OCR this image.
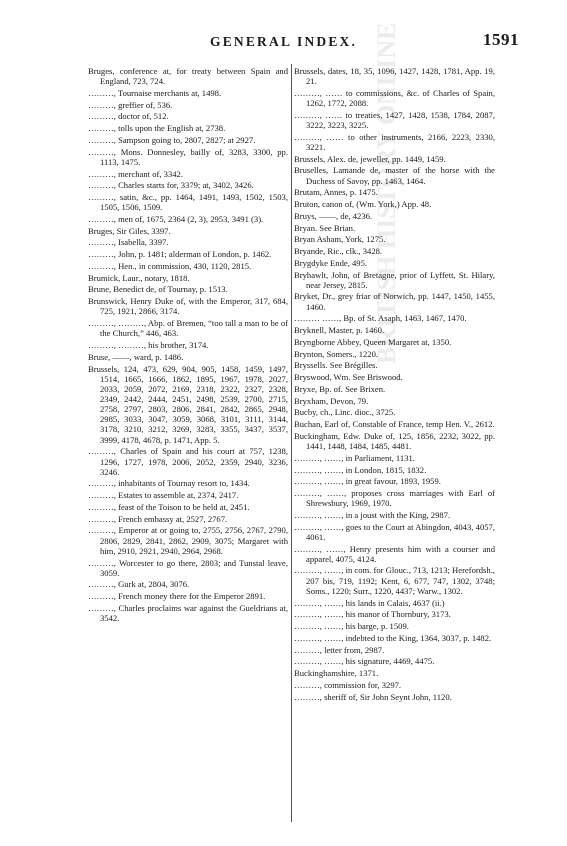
GENERAL INDEX.	1591
BRITISH HISTORY ONLINE
Bruges, conference at, for treaty between Spain and England, 723, 724.
………, Tournaise merchants at, 1498.
………, greffier of, 536.
………, doctor of, 512.
………, tolls upon the English at, 2738.
………, Sampson going to, 2807, 2827; at 2927.
………, Mons. Donnesley, bailly of, 3283, 3300, pp. 1113, 1475.
………, merchant of, 3342.
………, Charles starts for, 3379; at, 3402, 3426.
………, satin, &c., pp. 1464, 1491, 1493, 1502, 1503, 1505, 1506, 1509.
………, men of, 1675, 2364 (2, 3), 2953, 3491 (3).
Bruges, Sir Giles, 3397.
………, Isabella, 3397.
………, John, p. 1481; alderman of London, p. 1462.
………, Hen., in commission, 430, 1120, 2815.
Brumick, Laur., notary, 1818.
Brune, Benedict de, of Tournay, p. 1513.
Brunswick, Henry Duke of, with the Emperor, 317, 684, 725, 1921, 2866, 3174.
………, ………, Abp. of Bremen, “too tall a man to be of the Church,” 446, 463.
………, ………, his brother, 3174.
Bruse, ——, ward, p. 1486.
Brussels, 124, 473, 629, 904, 905, 1458, 1459, 1497, 1514, 1665, 1666, 1862, 1895, 1967, 1978, 2027, 2033, 2059, 2072, 2169, 2318, 2322, 2327, 2328, 2349, 2442, 2444, 2451, 2498, 2539, 2700, 2715, 2758, 2797, 2803, 2806, 2841, 2842, 2865, 2948, 2985, 3033, 3047, 3059, 3068, 3101, 3111, 3144, 3178, 3210, 3212, 3269, 3283, 3355, 3437, 3537, 3999, 4178, 4678, p. 1471, App. 5.
………, Charles of Spain and his court at 757, 1238, 1296, 1727, 1978, 2006, 2052, 2359, 2940, 3236, 3246.
………, inhabitants of Tournay resort to, 1434.
………, Estates to assemble at, 2374, 2417.
………, feast of the Toison to be held at, 2451.
………, French embassy at, 2527, 2767.
………, Emperor at or going to, 2755, 2756, 2767, 2790, 2806, 2829, 2841, 2862, 2909, 3075; Margaret with him, 2910, 2921, 2940, 2964, 2968.
………, Worcester to go there, 2803; and Tunstal leave, 3059.
………, Gurk at, 2804, 3076.
………, French money there for the Emperor 2891.
………, Charles proclaims war against the Gueldrians at, 3542.
Brussels, dates, 18, 35, 1096, 1427, 1428, 1781, App. 19, 21.
………, …… to commissions, &c. of Charles of Spain, 1262, 1772, 2088.
………, …… to treaties, 1427, 1428, 1538, 1784, 2087, 3222, 3223, 3225.
………, …… to other instruments, 2166, 2223, 2330, 3221.
Brussels, Alex. de, jeweller, pp. 1449, 1459.
Bruselles, Lamande de, master of the horse with the Duchess of Savoy, pp. 1463, 1464.
Brutam, Annes, p. 1475.
Bruton, canon of, (Wm. York,) App. 48.
Bruys, ——, de, 4236.
Bryan. See Brian.
Bryan Asham, York, 1275.
Bryande, Ric., clk., 3428.
Brygdyke Ende, 495.
Bryhawlt, John, of Bretagne, prior of Lyffett, St. Hilary, near Jersey, 2815.
Bryket, Dr., grey friar of Norwich, pp. 1447, 1450, 1455, 1460.
……… ……, Bp. of St. Asaph, 1463, 1467, 1470.
Bryknell, Master, p. 1460.
Bryngborne Abbey, Queen Margaret at, 1350.
Brynton, Somers., 1220.
Bryssells. See Brégilles.
Bryswood, Wm. See Briswood.
Bryxe, Bp. of. See Brixen.
Bryxham, Devon, 79.
Bucby, ch., Linc. dioc., 3725.
Buchan, Earl of, Constable of France, temp Hen. V., 2612.
Buckingham, Edw. Duke of, 125, 1856, 2232, 3022, pp. 1441, 1448, 1484, 1485, 4481.
………, ……, in Parliament, 1131.
………, ……, in London, 1815, 1832.
………, ……, in great favour, 1893, 1959.
………, ……, proposes cross marriages with Earl of Shrewsbury, 1969, 1970.
………, ……, in a joust with the King, 2987.
………, ……, goes to the Court at Abingdon, 4043, 4057, 4061.
………, ……, Henry presents him with a courser and apparel, 4075, 4124.
………, ……, in com. for Glouc., 713, 1213; Herefordsh., 207 bis, 719, 1192; Kent, 6, 677, 747, 1302, 3748; Soms., 1220; Surr., 1220, 4437; Warw., 1302.
………, ……, his lands in Calais, 4637 (ii.)
………, ……, his manor of Thornbury, 3173.
………, ……, his barge, p. 1509.
………, ……, indebted to the King, 1364, 3037, p. 1482.
………, letter from, 2987.
………, ……, his signature, 4469, 4475.
Buckinghamshire, 1371.
………, commission for, 3297.
………, sheriff of, Sir John Seynt John, 1120.
